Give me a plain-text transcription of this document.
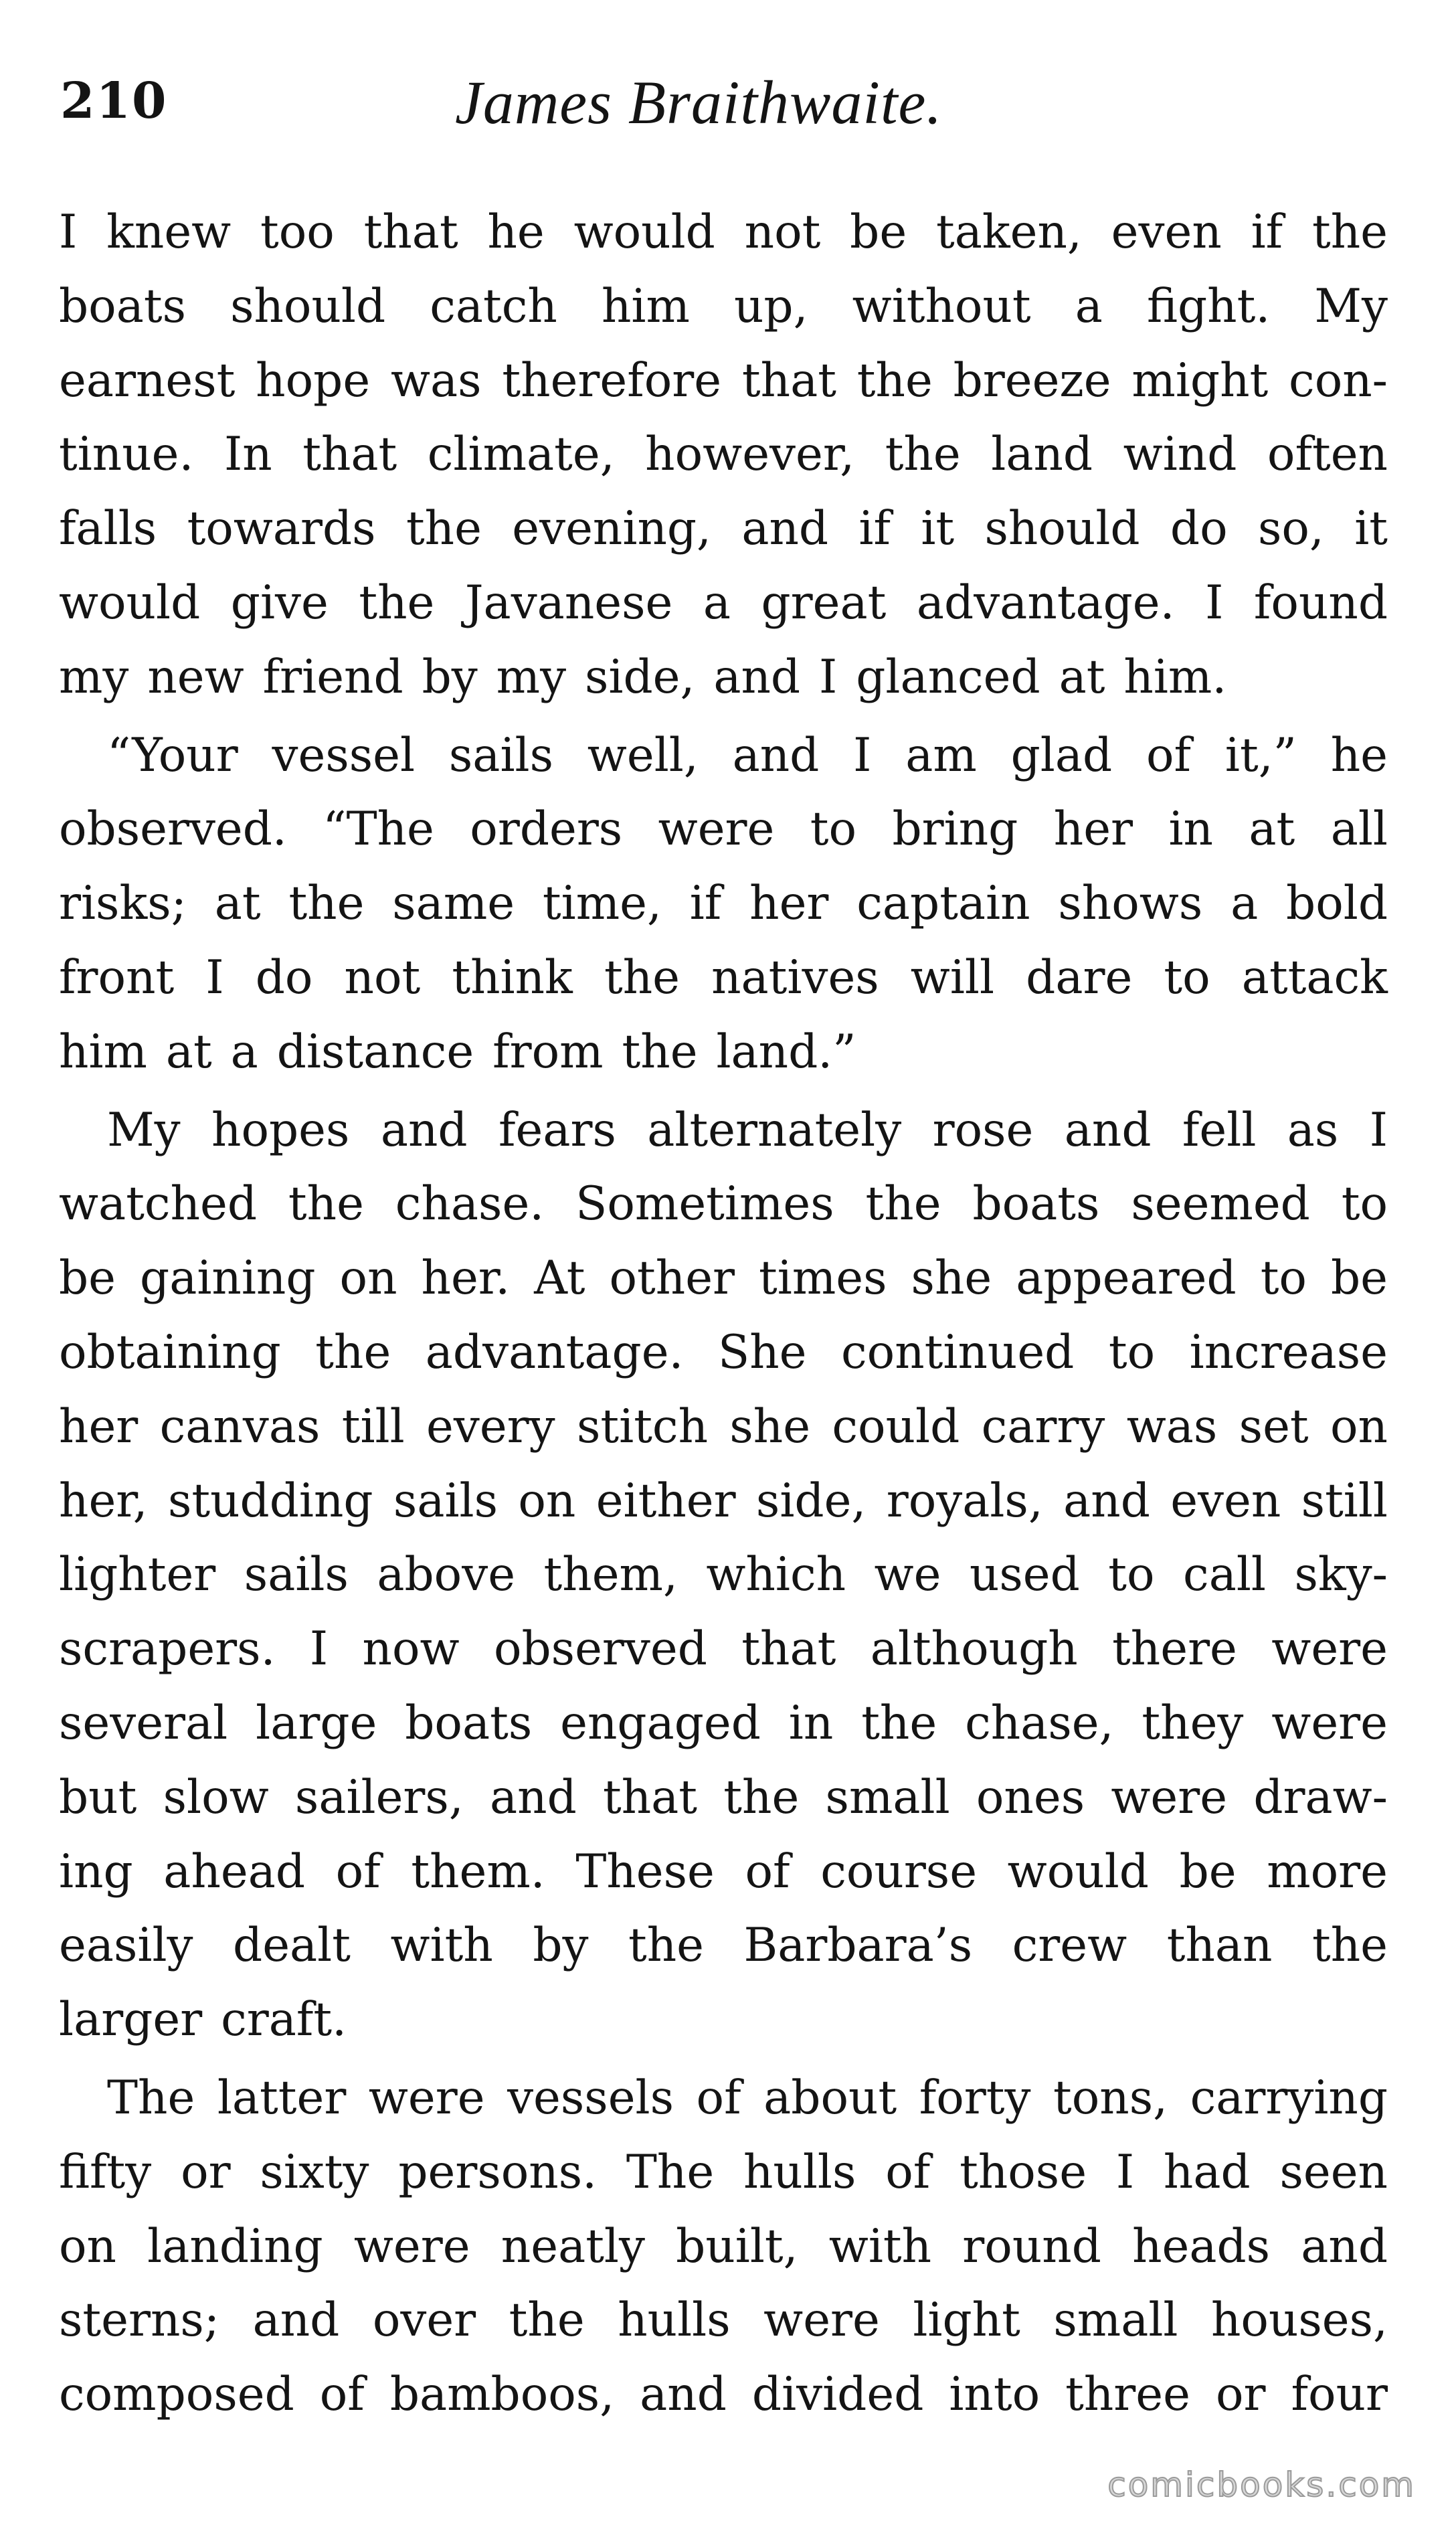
210	James Braithwaite.

I knew too that he would not be taken, even if the
boats should catch him up, without a fight. My
earnest hope was therefore that the breeze might con-
tinue. In that climate, however, the land wind often
falls towards the evening, and if it should do so, it
would give the Javanese a great advantage. I found
my new friend by my side, and I glanced at him.

“Your vessel sails well, and I am glad of it,” he
observed. “The orders were to bring her in at all
risks; at the same time, if her captain shows a bold
front I do not think the natives will dare to attack
him at a distance from the land.”

My hopes and fears alternately rose and fell as I
watched the chase. Sometimes the boats seemed to
be gaining on her. At other times she appeared to be
obtaining the advantage. She continued to increase
her canvas till every stitch she could carry was set on
her, studding sails on either side, royals, and even still
lighter sails above them, which we used to call sky-
scrapers. I now observed that although there were
several large boats engaged in the chase, they were
but slow sailers, and that the small ones were draw-
ing ahead of them. These of course would be more
easily dealt with by the Barbara’s crew than the
larger craft.

The latter were vessels of about forty tons, carrying
fifty or sixty persons. The hulls of those I had seen
on landing were neatly built, with round heads and
sterns; and over the hulls were light small houses,
composed of bamboos, and divided into three or four

comicbooks.com
